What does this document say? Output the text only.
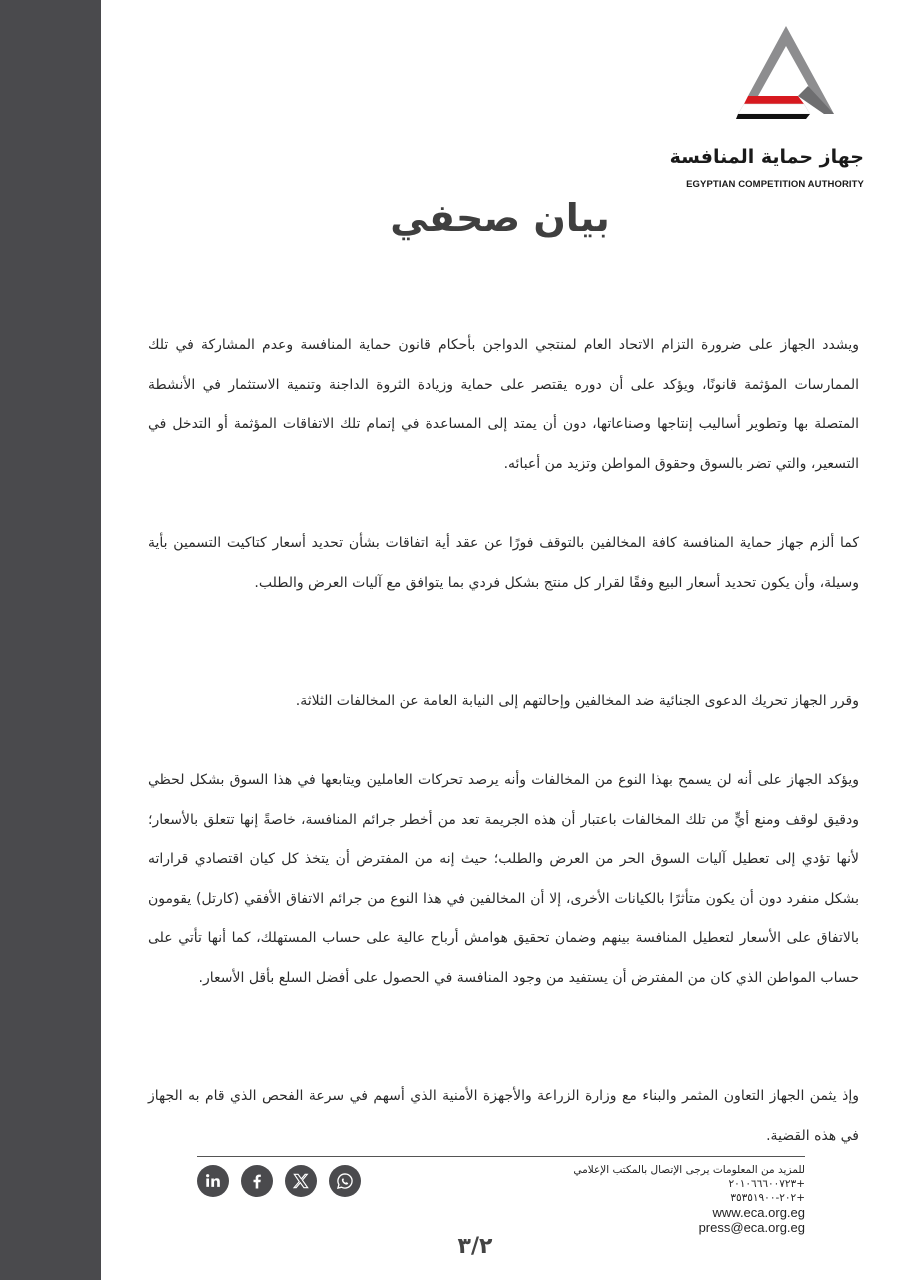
جهاز حماية المنافسة
EGYPTIAN COMPETITION AUTHORITY
بيان صحفي

ويشدد الجهاز على ضرورة التزام الاتحاد العام لمنتجي الدواجن بأحكام قانون حماية المنافسة وعدم المشاركة في تلك الممارسات المؤثمة قانونًا، ويؤكد على أن دوره يقتصر على حماية وزيادة الثروة الداجنة وتنمية الاستثمار في الأنشطة المتصلة بها وتطوير أساليب إنتاجها وصناعاتها، دون أن يمتد إلى المساعدة في إتمام تلك الاتفاقات المؤثمة أو التدخل في التسعير، والتي تضر بالسوق وحقوق المواطن وتزيد من أعبائه.

كما ألزم جهاز حماية المنافسة كافة المخالفين بالتوقف فورًا عن عقد أية اتفاقات بشأن تحديد أسعار كتاكيت التسمين بأية وسيلة، وأن يكون تحديد أسعار البيع وفقًا لقرار كل منتج بشكل فردي بما يتوافق مع آليات العرض والطلب.

وقرر الجهاز تحريك الدعوى الجنائية ضد المخالفين وإحالتهم إلى النيابة العامة عن المخالفات الثلاثة.

ويؤكد الجهاز على أنه لن يسمح بهذا النوع من المخالفات وأنه يرصد تحركات العاملين ويتابعها في هذا السوق بشكل لحظي ودقيق لوقف ومنع أيٍّ من تلك المخالفات باعتبار أن هذه الجريمة تعد من أخطر جرائم المنافسة، خاصةً إنها تتعلق بالأسعار؛ لأنها تؤدي إلى تعطيل آليات السوق الحر من العرض والطلب؛ حيث إنه من المفترض أن يتخذ كل كيان اقتصادي قراراته بشكل منفرد دون أن يكون متأثرًا بالكيانات الأخرى، إلا أن المخالفين في هذا النوع من جرائم الاتفاق الأفقي (كارتل) يقومون بالاتفاق على الأسعار لتعطيل المنافسة بينهم وضمان تحقيق هوامش أرباح عالية على حساب المستهلك، كما أنها تأتي على حساب المواطن الذي كان من المفترض أن يستفيد من وجود المنافسة في الحصول على أفضل السلع بأقل الأسعار.

وإذ يثمن الجهاز التعاون المثمر والبناء مع وزارة الزراعة والأجهزة الأمنية الذي أسهم في سرعة الفحص الذي قام به الجهاز في هذه القضية.

للمزيد من المعلومات يرجى الإتصال بالمكتب الإعلامي
+٢٠١٠٦٦٦٠٠٧٢٣
+٢٠٢-٣٥٣٥١٩٠٠
www.eca.org.eg
press@eca.org.eg
٣/٢
